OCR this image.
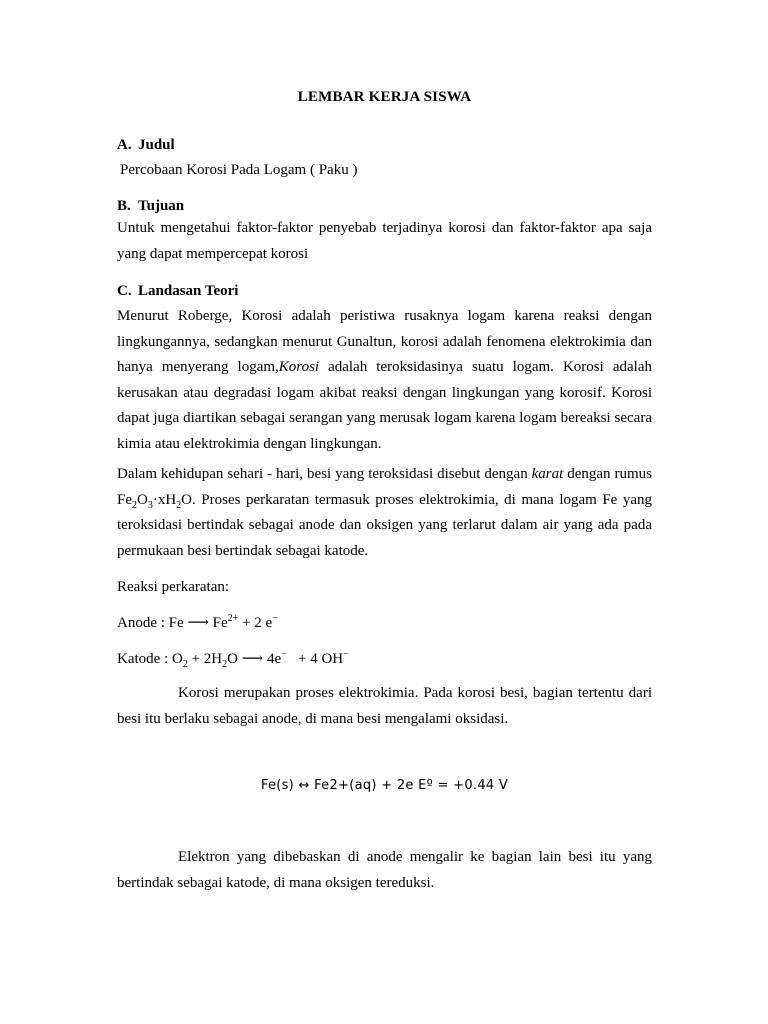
LEMBAR KERJA SISWA
A. Judul
Percobaan Korosi Pada Logam ( Paku )
B. Tujuan
Untuk mengetahui faktor-faktor penyebab terjadinya korosi dan faktor-faktor apa saja yang dapat mempercepat korosi
C. Landasan Teori
Menurut Roberge, Korosi adalah peristiwa rusaknya logam karena reaksi dengan lingkungannya, sedangkan menurut Gunaltun, korosi adalah fenomena elektrokimia dan hanya menyerang logam,Korosi adalah teroksidasinya suatu logam. Korosi adalah kerusakan atau degradasi logam akibat reaksi dengan lingkungan yang korosif. Korosi dapat juga diartikan sebagai serangan yang merusak logam karena logam bereaksi secara kimia atau elektrokimia dengan lingkungan.
Dalam kehidupan sehari - hari, besi yang teroksidasi disebut dengan karat dengan rumus $Fe_2O_3\cdot xH_2O$. Proses perkaratan termasuk proses elektrokimia, di mana logam Fe yang teroksidasi bertindak sebagai anode dan oksigen yang terlarut dalam air yang ada pada permukaan besi bertindak sebagai katode.
Reaksi perkaratan:
Anode : Fe ⟶ $Fe^{2+} + 2$ e−
Katode : $O_2 + 2H_2O$ ⟶ 4e−   + 4 OH−
Korosi merupakan proses elektrokimia. Pada korosi besi, bagian tertentu dari besi itu berlaku sebagai anode, di mana besi mengalami oksidasi.
Fe(s) ↔ Fe2+(aq) + 2e Eº = +0.44 V
Elektron yang dibebaskan di anode mengalir ke bagian lain besi itu yang bertindak sebagai katode, di mana oksigen tereduksi.
